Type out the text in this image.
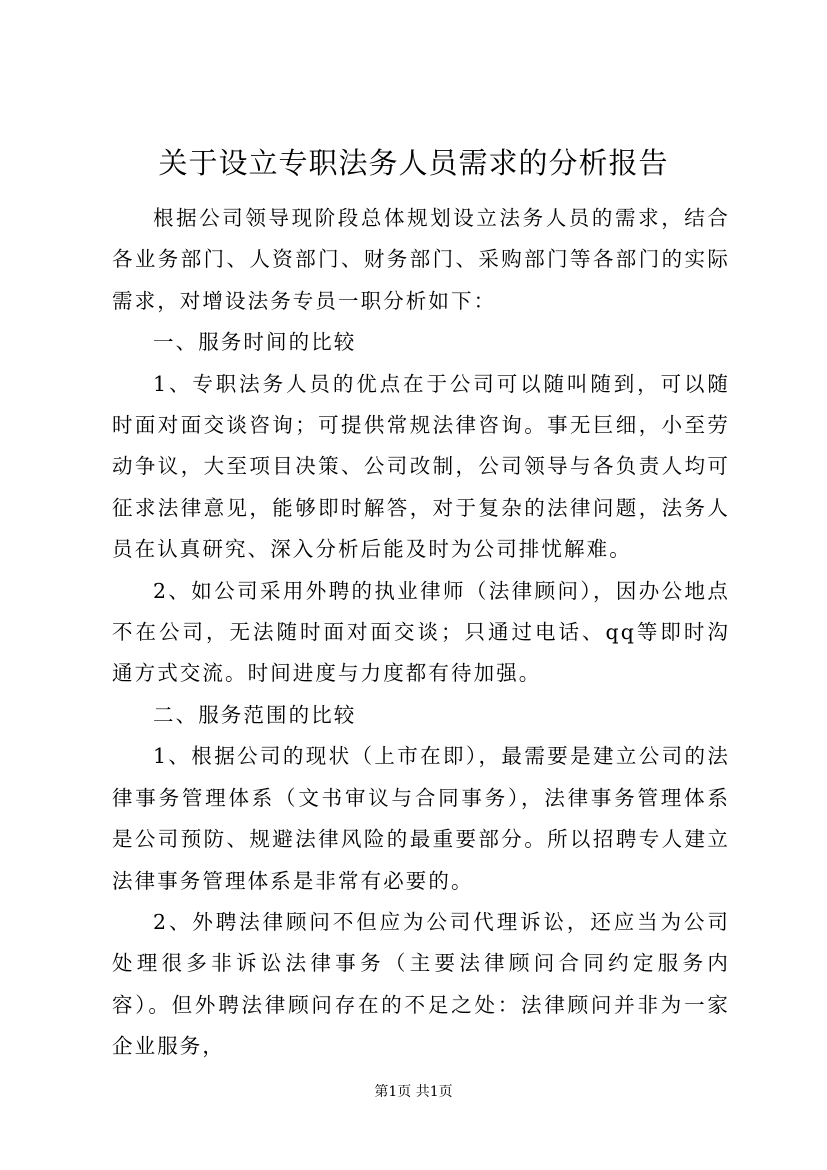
关于设立专职法务人员需求的分析报告

根据公司领导现阶段总体规划设立法务人员的需求，结合各业务部门、人资部门、财务部门、采购部门等各部门的实际需求，对增设法务专员一职分析如下：

一、服务时间的比较

1、专职法务人员的优点在于公司可以随叫随到，可以随时面对面交谈咨询；可提供常规法律咨询。事无巨细，小至劳动争议，大至项目决策、公司改制，公司领导与各负责人均可征求法律意见，能够即时解答，对于复杂的法律问题，法务人员在认真研究、深入分析后能及时为公司排忧解难。

2、如公司采用外聘的执业律师（法律顾问），因办公地点不在公司，无法随时面对面交谈；只通过电话、qq等即时沟通方式交流。时间进度与力度都有待加强。

二、服务范围的比较

1、根据公司的现状（上市在即），最需要是建立公司的法律事务管理体系（文书审议与合同事务），法律事务管理体系是公司预防、规避法律风险的最重要部分。所以招聘专人建立法律事务管理体系是非常有必要的。

2、外聘法律顾问不但应为公司代理诉讼，还应当为公司处理很多非诉讼法律事务（主要法律顾问合同约定服务内容）。但外聘法律顾问存在的不足之处：法律顾问并非为一家企业服务，

第1页 共1页
